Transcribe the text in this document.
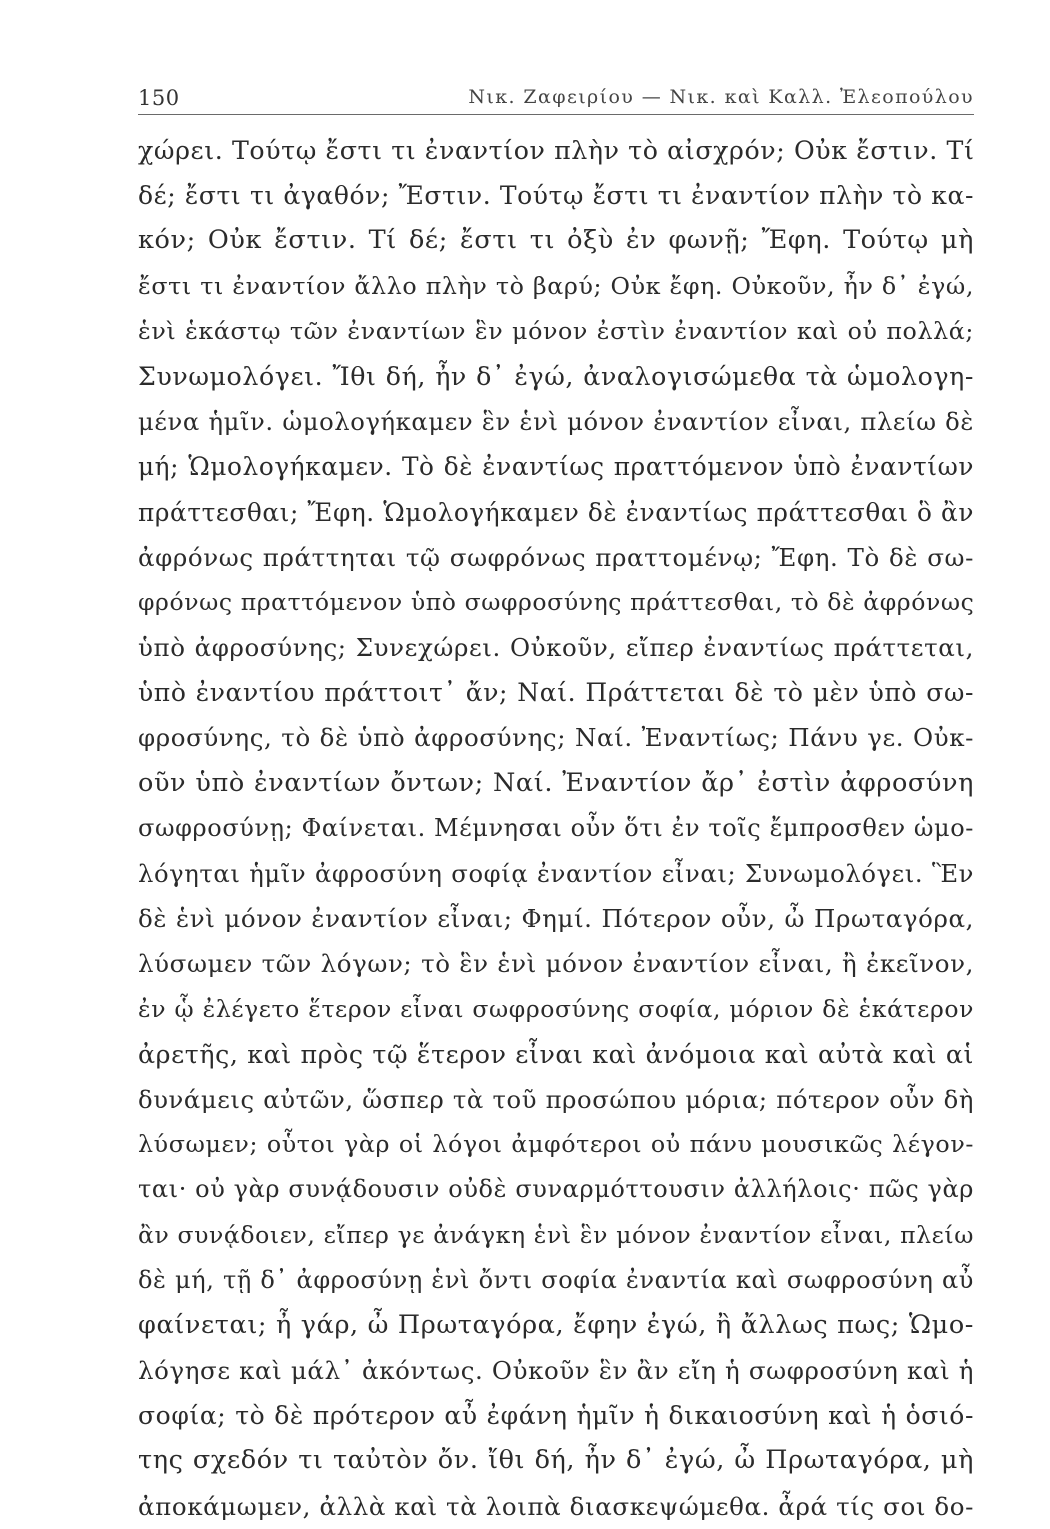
150	Νικ. Ζαφειρίου — Νικ. καὶ Καλλ. Ἐλεοπούλου
χώρει. Τούτῳ ἔστι τι ἐναντίον πλὴν τὸ αἰσχρόν; Οὐκ ἔστιν. Τί
δέ; ἔστι τι ἀγαθόν; Ἔστιν. Τούτῳ ἔστι τι ἐναντίον πλὴν τὸ κα-
κόν; Οὐκ ἔστιν. Τί δέ; ἔστι τι ὀξὺ ἐν φωνῇ; Ἔφη. Τούτῳ μὴ
ἔστι τι ἐναντίον ἄλλο πλὴν τὸ βαρύ; Οὐκ ἔφη. Οὐκοῦν, ἦν δ᾽ ἐγώ,
ἑνὶ ἑκάστῳ τῶν ἐναντίων ἓν μόνον ἐστὶν ἐναντίον καὶ οὐ πολλά;
Συνωμολόγει. Ἴθι δή, ἦν δ᾽ ἐγώ, ἀναλογισώμεθα τὰ ὡμολογη-
μένα ἡμῖν. ὡμολογήκαμεν ἓν ἑνὶ μόνον ἐναντίον εἶναι, πλείω δὲ
μή; Ὡμολογήκαμεν. Τὸ δὲ ἐναντίως πραττόμενον ὑπὸ ἐναντίων
πράττεσθαι; Ἔφη. Ὡμολογήκαμεν δὲ ἐναντίως πράττεσθαι ὃ ἂν
ἀφρόνως πράττηται τῷ σωφρόνως πραττομένῳ; Ἔφη. Τὸ δὲ σω-
φρόνως πραττόμενον ὑπὸ σωφροσύνης πράττεσθαι, τὸ δὲ ἀφρόνως
ὑπὸ ἀφροσύνης; Συνεχώρει. Οὐκοῦν, εἴπερ ἐναντίως πράττεται,
ὑπὸ ἐναντίου πράττοιτ᾽ ἄν; Ναί. Πράττεται δὲ τὸ μὲν ὑπὸ σω-
φροσύνης, τὸ δὲ ὑπὸ ἀφροσύνης; Ναί. Ἐναντίως; Πάνυ γε. Οὐκ-
οῦν ὑπὸ ἐναντίων ὄντων; Ναί. Ἐναντίον ἄρ᾽ ἐστὶν ἀφροσύνη
σωφροσύνῃ; Φαίνεται. Μέμνησαι οὖν ὅτι ἐν τοῖς ἔμπροσθεν ὡμο-
λόγηται ἡμῖν ἀφροσύνη σοφίᾳ ἐναντίον εἶναι; Συνωμολόγει. Ἓν
δὲ ἑνὶ μόνον ἐναντίον εἶναι; Φημί. Πότερον οὖν, ὦ Πρωταγόρα,
λύσωμεν τῶν λόγων; τὸ ἓν ἑνὶ μόνον ἐναντίον εἶναι, ἢ ἐκεῖνον,
ἐν ᾧ ἐλέγετο ἕτερον εἶναι σωφροσύνης σοφία, μόριον δὲ ἑκάτερον
ἀρετῆς, καὶ πρὸς τῷ ἕτερον εἶναι καὶ ἀνόμοια καὶ αὐτὰ καὶ αἱ
δυνάμεις αὐτῶν, ὥσπερ τὰ τοῦ προσώπου μόρια; πότερον οὖν δὴ
λύσωμεν; οὗτοι γὰρ οἱ λόγοι ἀμφότεροι οὐ πάνυ μουσικῶς λέγον-
ται· οὐ γὰρ συνᾴδουσιν οὐδὲ συναρμόττουσιν ἀλλήλοις· πῶς γὰρ
ἂν συνᾴδοιεν, εἴπερ γε ἀνάγκη ἑνὶ ἓν μόνον ἐναντίον εἶναι, πλείω
δὲ μή, τῇ δ᾽ ἀφροσύνῃ ἑνὶ ὄντι σοφία ἐναντία καὶ σωφροσύνη αὖ
φαίνεται; ἦ γάρ, ὦ Πρωταγόρα, ἔφην ἐγώ, ἢ ἄλλως πως; Ὡμο-
λόγησε καὶ μάλ᾽ ἀκόντως. Οὐκοῦν ἓν ἂν εἴη ἡ σωφροσύνη καὶ ἡ
σοφία; τὸ δὲ πρότερον αὖ ἐφάνη ἡμῖν ἡ δικαιοσύνη καὶ ἡ ὁσιό-
της σχεδόν τι ταὐτὸν ὄν. ἴθι δή, ἦν δ᾽ ἐγώ, ὦ Πρωταγόρα, μὴ
ἀποκάμωμεν, ἀλλὰ καὶ τὰ λοιπὰ διασκεψώμεθα. ἆρά τίς σοι δο-
